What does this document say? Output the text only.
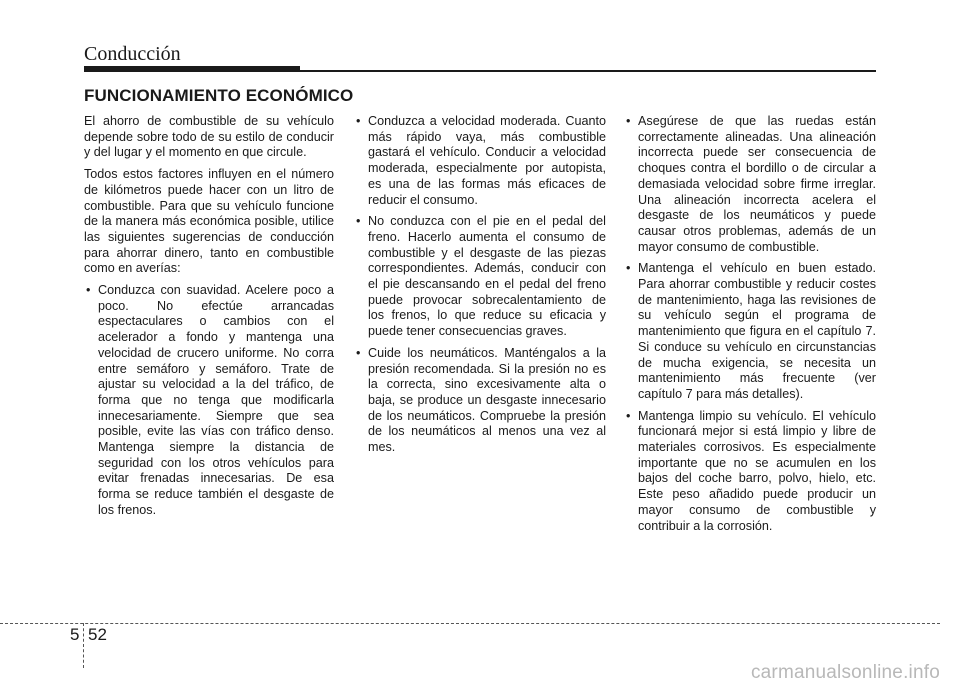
Conducción
FUNCIONAMIENTO ECONÓMICO

El ahorro de combustible de su vehículo depende sobre todo de su estilo de conducir y del lugar y el momento en que circule.

Todos estos factores influyen en el número de kilómetros puede hacer con un litro de combustible. Para que su vehículo funcione de la manera más económica posible, utilice las siguientes sugerencias de conducción para ahorrar dinero, tanto en combustible como en averías:

• Conduzca con suavidad. Acelere poco a poco. No efectúe arrancadas espectaculares o cambios con el acelerador a fondo y mantenga una velocidad de crucero uniforme. No corra entre semáforo y semáforo. Trate de ajustar su velocidad a la del tráfico, de forma que no tenga que modificarla innecesariamente. Siempre que sea posible, evite las vías con tráfico denso. Mantenga siempre la distancia de seguridad con los otros vehículos para evitar frenadas innecesarias. De esa forma se reduce también el desgaste de los frenos.
• Conduzca a velocidad moderada. Cuanto más rápido vaya, más combustible gastará el vehículo. Conducir a velocidad moderada, especialmente por autopista, es una de las formas más eficaces de reducir el consumo.
• No conduzca con el pie en el pedal del freno. Hacerlo aumenta el consumo de combustible y el desgaste de las piezas correspondientes. Además, conducir con el pie descansando en el pedal del freno puede provocar sobrecalentamiento de los frenos, lo que reduce su eficacia y puede tener consecuencias graves.
• Cuide los neumáticos. Manténgalos a la presión recomendada. Si la presión no es la correcta, sino excesivamente alta o baja, se produce un desgaste innecesario de los neumáticos. Compruebe la presión de los neumáticos al menos una vez al mes.
• Asegúrese de que las ruedas están correctamente alineadas. Una alineación incorrecta puede ser consecuencia de choques contra el bordillo o de circular a demasiada velocidad sobre firme irreglar. Una alineación incorrecta acelera el desgaste de los neumáticos y puede causar otros problemas, además de un mayor consumo de combustible.
• Mantenga el vehículo en buen estado. Para ahorrar combustible y reducir costes de mantenimiento, haga las revisiones de su vehículo según el programa de mantenimiento que figura en el capítulo 7. Si conduce su vehículo en circunstancias de mucha exigencia, se necesita un mantenimiento más frecuente (ver capítulo 7 para más detalles).
• Mantenga limpio su vehículo. El vehículo funcionará mejor si está limpio y libre de materiales corrosivos. Es especialmente importante que no se acumulen en los bajos del coche barro, polvo, hielo, etc. Este peso añadido puede producir un mayor consumo de combustible y contribuir a la corrosión.
5 52
carmanualsonline.info
